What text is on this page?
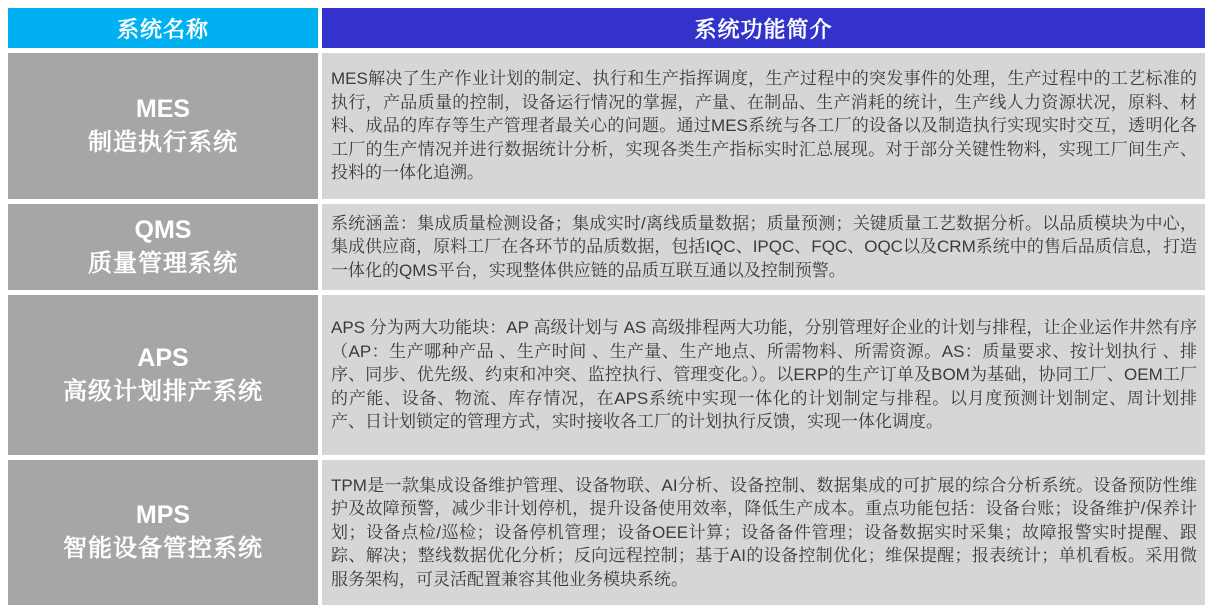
系统名称	系统功能简介
MES
制造执行系统
MES解决了生产作业计划的制定、执行和生产指挥调度，生产过程中的突发事件的处理，生产过程中的工艺标准的执行，产品质量的控制，设备运行情况的掌握，产量、在制品、生产消耗的统计，生产线人力资源状况，原料、材料、成品的库存等生产管理者最关心的问题。通过MES系统与各工厂的设备以及制造执行实现实时交互，透明化各工厂的生产情况并进行数据统计分析，实现各类生产指标实时汇总展现。对于部分关键性物料，实现工厂间生产、投料的一体化追溯。
QMS
质量管理系统
系统涵盖：集成质量检测设备；集成实时/离线质量数据；质量预测；关键质量工艺数据分析。以品质模块为中心，集成供应商，原料工厂在各环节的品质数据，包括IQC、IPQC、FQC、OQC以及CRM系统中的售后品质信息，打造一体化的QMS平台，实现整体供应链的品质互联互通以及控制预警。
APS
高级计划排产系统
APS 分为两大功能块：AP 高级计划与 AS 高级排程两大功能，分别管理好企业的计划与排程，让企业运作井然有序（AP：生产哪种产品 、生产时间 、生产量、生产地点、所需物料、所需资源。AS：质量要求、按计划执行 、排序、同步、优先级、约束和冲突、监控执行、管理变化。）。以ERP的生产订单及BOM为基础，协同工厂、OEM工厂的产能、设备、物流、库存情况，在APS系统中实现一体化的计划制定与排程。以月度预测计划制定、周计划排产、日计划锁定的管理方式，实时接收各工厂的计划执行反馈，实现一体化调度。
MPS
智能设备管控系统
TPM是一款集成设备维护管理、设备物联、AI分析、设备控制、数据集成的可扩展的综合分析系统。设备预防性维护及故障预警，减少非计划停机，提升设备使用效率，降低生产成本。重点功能包括：设备台账；设备维护/保养计划；设备点检/巡检；设备停机管理；设备OEE计算；设备备件管理；设备数据实时采集；故障报警实时提醒、跟踪、解决；整线数据优化分析；反向远程控制；基于AI的设备控制优化；维保提醒；报表统计；单机看板。采用微服务架构，可灵活配置兼容其他业务模块系统。
